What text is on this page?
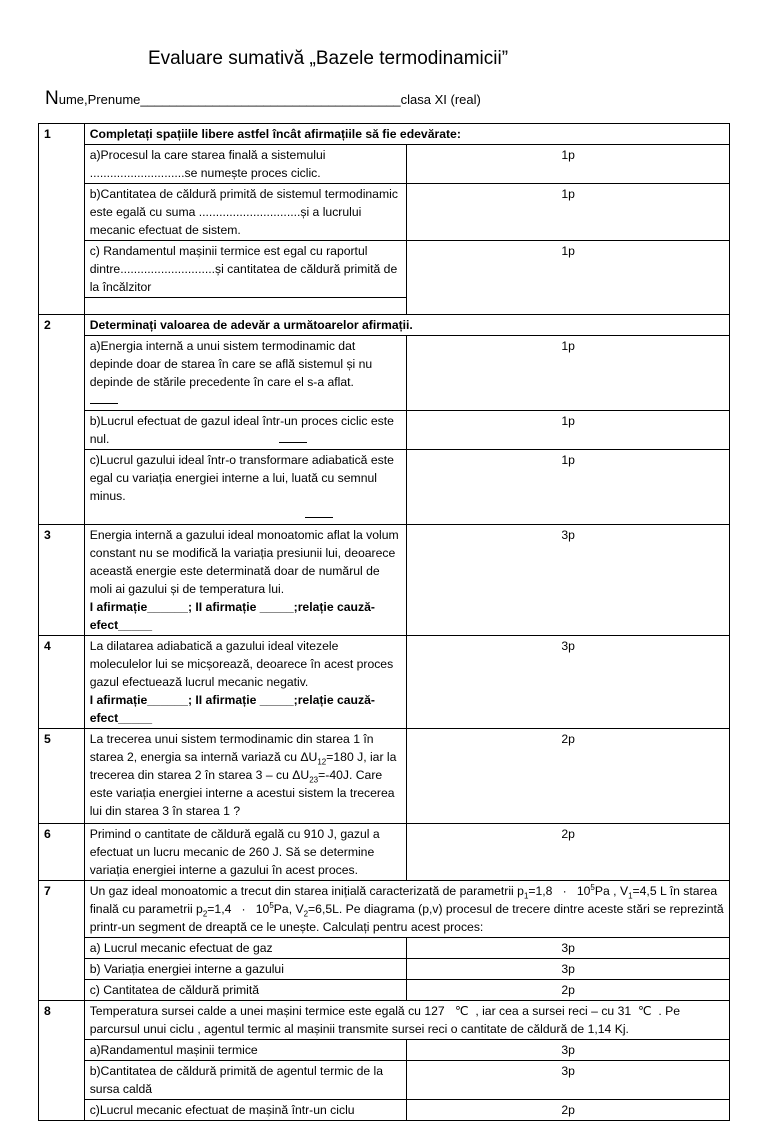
Evaluare sumativă „Bazele termodinamicii”
Nume,Prenume____________________________________clasa XI (real)
1	Completați spațiile libere astfel încât afirmațiile să fie edevărate:	
	a)Procesul la care starea finală a sistemului ............................se numește proces ciclic.	1p
	b)Cantitatea de căldură primită de sistemul termodinamic este egală cu suma ..............................și a lucrului mecanic efectuat de sistem.	1p
	c) Randamentul mașinii termice est egal cu raportul dintre............................și cantitatea de căldură primită de la încălzitor	1p

2	Determinați valoarea de adevăr a următoarelor afirmații.	
	a)Energia internă a unui sistem termodinamic dat depinde doar de starea în care se află sistemul și nu depinde de stările precedente în care el s-a aflat.	1p
	b)Lucrul efectuat de gazul ideal într-un proces ciclic este nul.	1p
	c)Lucrul gazului ideal într-o transformare adiabatică este egal cu variația energiei interne a lui, luată cu semnul minus.	1p
3	Energia internă a gazului ideal monoatomic aflat la volum constant nu se modifică la variația presiunii lui, deoarece această energie este determinată doar de numărul de moli ai gazului și de temperatura lui.
I afirmație______; II afirmație _____;relație cauză-efect_____	3p
4	La dilatarea adiabatică a gazului ideal vitezele moleculelor lui se micșorează, deoarece în acest proces gazul efectuează lucrul mecanic negativ.
I afirmație______; II afirmație _____;relație cauză-efect_____	3p
5	La trecerea unui sistem termodinamic din starea 1 în starea 2, energia sa internă variază cu $\Delta U_{12}=180$ J, iar la trecerea din starea 2 în starea 3 – cu $\Delta U_{23}=-40J$. Care este variația energiei interne a acestui sistem la trecerea lui din starea 3 în starea 1 ?	2p
6	Primind o cantitate de căldură egală cu 910 J, gazul a efectuat un lucru mecanic de 260 J. Să se determine variația energiei interne a gazului în acest proces.	2p
7	Un gaz ideal monoatomic a trecut din starea inițială caracterizată de parametrii $p_1=1,8 \cdot 10^5Pa$ , $V_1=4,5$ L în starea finală cu parametrii $p_2=1,4 \cdot 10^5Pa$, $V_2=6,5L$. Pe diagrama (p,v) procesul de trecere dintre aceste stări se reprezintă printr-un segment de dreaptă ce le unește. Calculați pentru acest proces:	
	a) Lucrul mecanic efectuat de gaz	3p
	b) Variația energiei interne a gazului	3p
	c) Cantitatea de căldură primită	2p
8	Temperatura sursei calde a unei mașini termice este egală cu 127 ℃ , iar cea a sursei reci – cu 31 ℃ . Pe parcursul unui ciclu , agentul termic al mașinii transmite sursei reci o cantitate de căldură de 1,14 Kj.	
	a)Randamentul mașinii termice	3p
	b)Cantitatea de căldură primită de agentul termic de la sursa caldă	3p
	c)Lucrul mecanic efectuat de mașină într-un ciclu	2p
